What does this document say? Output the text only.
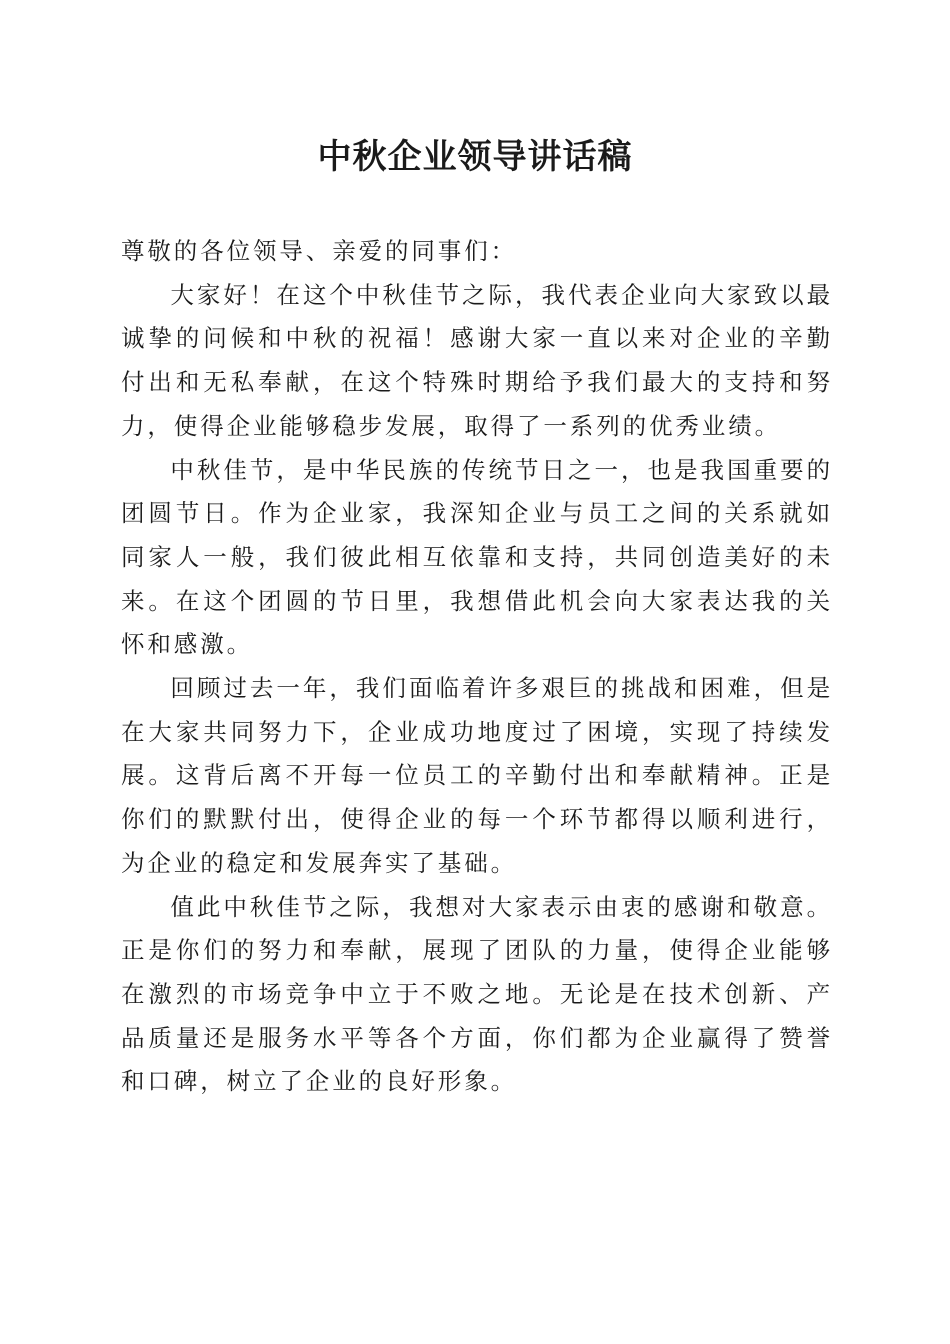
中秋企业领导讲话稿

尊敬的各位领导、亲爱的同事们：

大家好！在这个中秋佳节之际，我代表企业向大家致以最诚挚的问候和中秋的祝福！感谢大家一直以来对企业的辛勤付出和无私奉献，在这个特殊时期给予我们最大的支持和努力，使得企业能够稳步发展，取得了一系列的优秀业绩。

中秋佳节，是中华民族的传统节日之一，也是我国重要的团圆节日。作为企业家，我深知企业与员工之间的关系就如同家人一般，我们彼此相互依靠和支持，共同创造美好的未来。在这个团圆的节日里，我想借此机会向大家表达我的关怀和感激。

回顾过去一年，我们面临着许多艰巨的挑战和困难，但是在大家共同努力下，企业成功地度过了困境，实现了持续发展。这背后离不开每一位员工的辛勤付出和奉献精神。正是你们的默默付出，使得企业的每一个环节都得以顺利进行，为企业的稳定和发展奔实了基础。

值此中秋佳节之际，我想对大家表示由衷的感谢和敬意。正是你们的努力和奉献，展现了团队的力量，使得企业能够在激烈的市场竞争中立于不败之地。无论是在技术创新、产品质量还是服务水平等各个方面，你们都为企业赢得了赞誉和口碑，树立了企业的良好形象。
